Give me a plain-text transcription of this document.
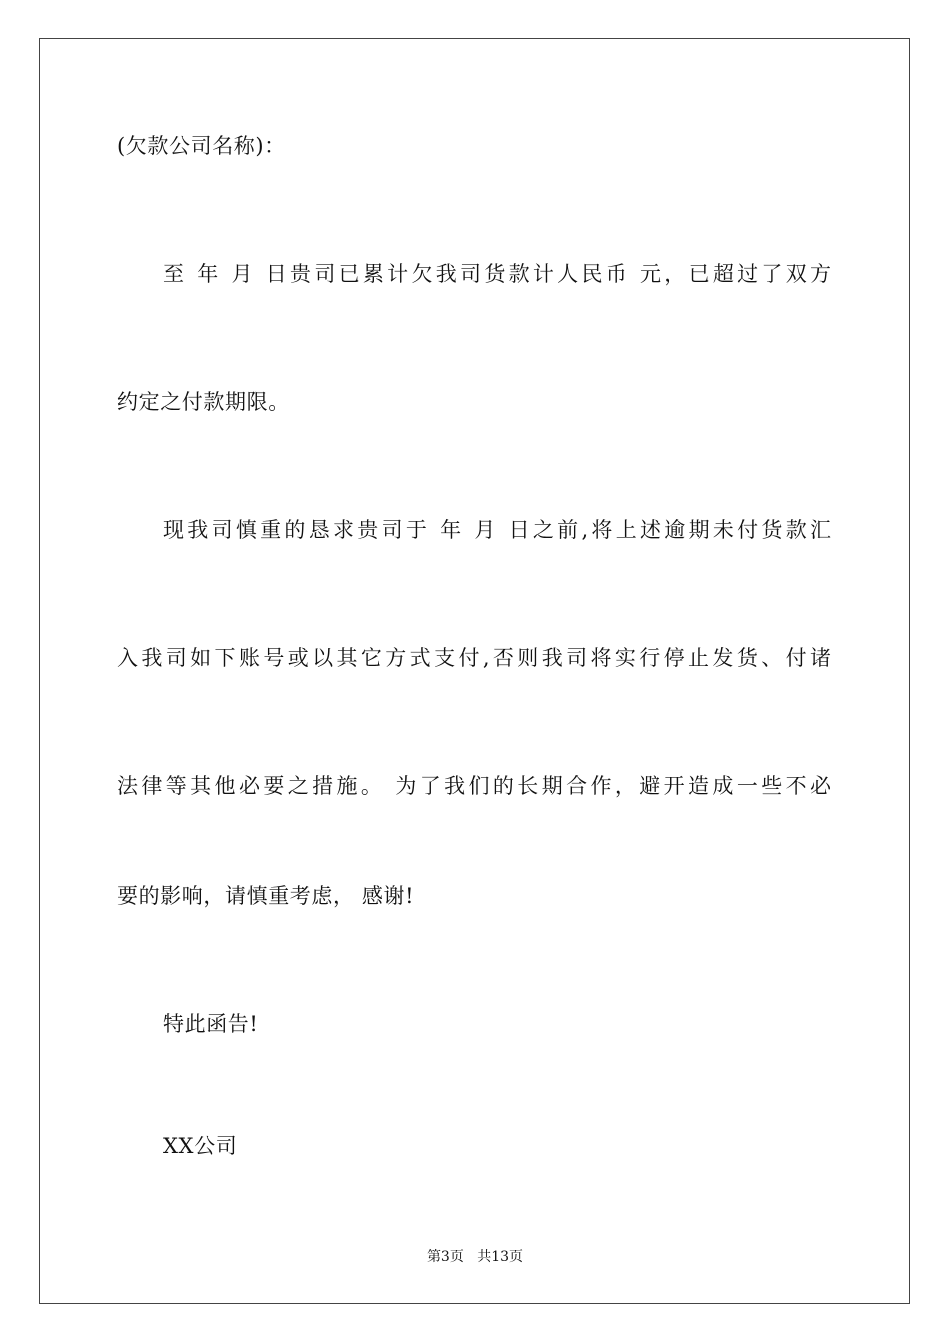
(欠款公司名称)：
至 年 月 日贵司已累计欠我司货款计人民币 元，已超过了双方
约定之付款期限。
现我司慎重的恳求贵司于 年 月 日之前,将上述逾期未付货款汇
入我司如下账号或以其它方式支付,否则我司将实行停止发货、付诸
法律等其他必要之措施。 为了我们的长期合作，避开造成一些不必
要的影响，请慎重考虑， 感谢!
特此函告!
XX公司
第3页 共13页
